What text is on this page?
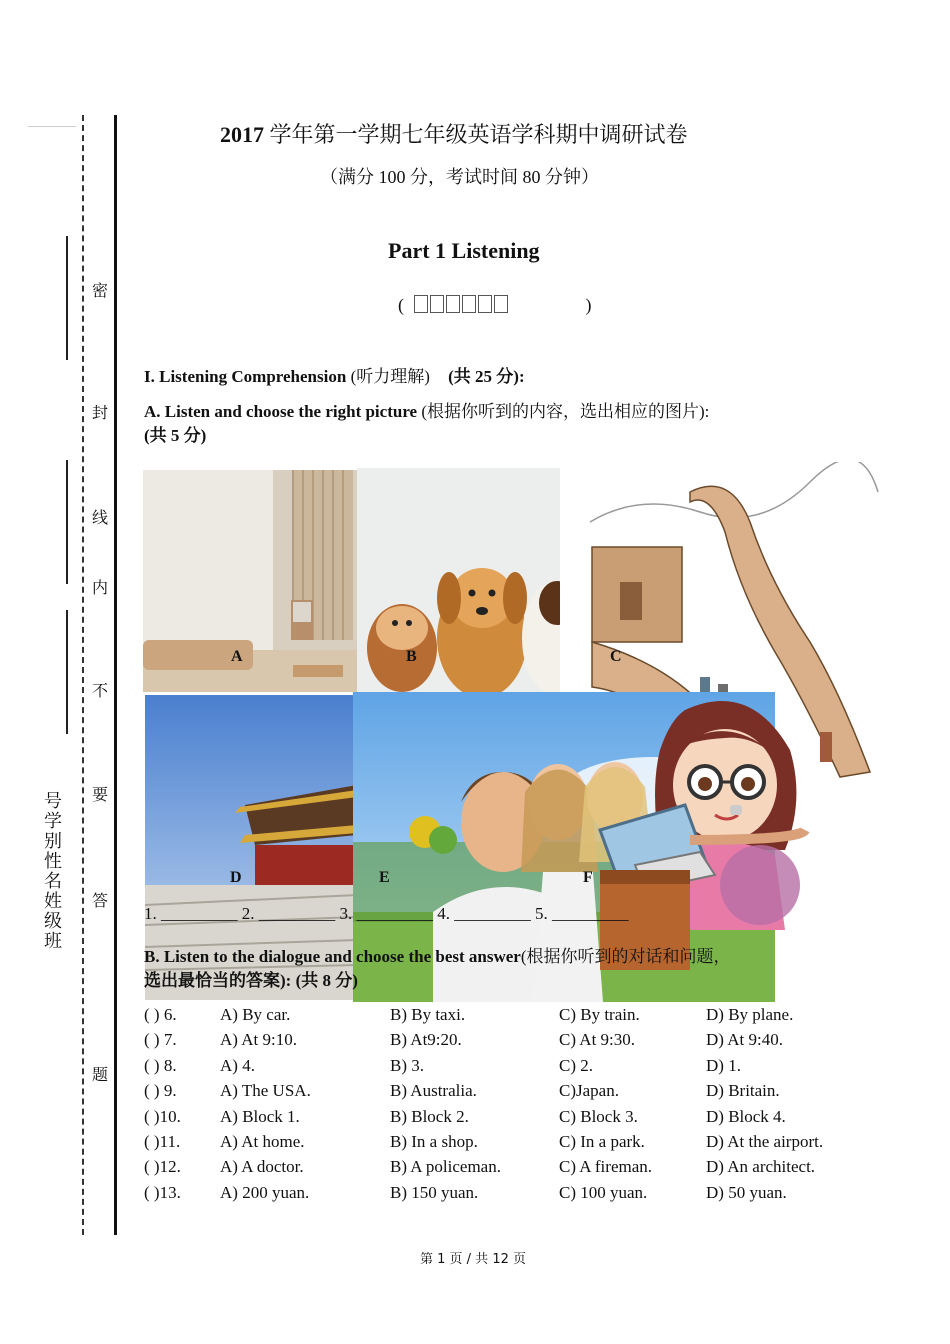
密
封
线
内
不
要
答
题
号学别性名姓级班
2017 学年第一学期七年级英语学科期中调研试卷
（满分 100 分，考试时间 80 分钟）
Part 1 Listening
(	)
I. Listening Comprehension (听力理解) (共 25 分):
A. Listen and choose the right picture (根据你听到的内容，选出相应的图片):
(共 5 分)
A	B	C
D	E	F
1. _________ 2. _________ 3. _________ 4. _________ 5. _________
B. Listen to the dialogue and choose the best answer(根据你听到的对话和问题，
选出最恰当的答案): (共 8 分)
( ) 6.	A) By car.	B) By taxi.	C) By train.	D) By plane.
( ) 7.	A) At 9:10.	B) At9:20.	C) At 9:30.	D) At 9:40.
( ) 8.	A) 4.	B) 3.	C) 2.	D) 1.
( ) 9.	A) The USA.	B) Australia.	C)Japan.	D) Britain.
( )10. A) Block 1.	B) Block 2.	C) Block 3.	D) Block 4.
( )11. A) At home.	B) In a shop.	C) In a park.	D) At the airport.
( )12. A) A doctor.	B) A policeman.	C) A fireman.	D) An architect.
( )13. A) 200 yuan.	B) 150 yuan.	C) 100 yuan.	D) 50 yuan.
第 1 页 / 共 12 页
